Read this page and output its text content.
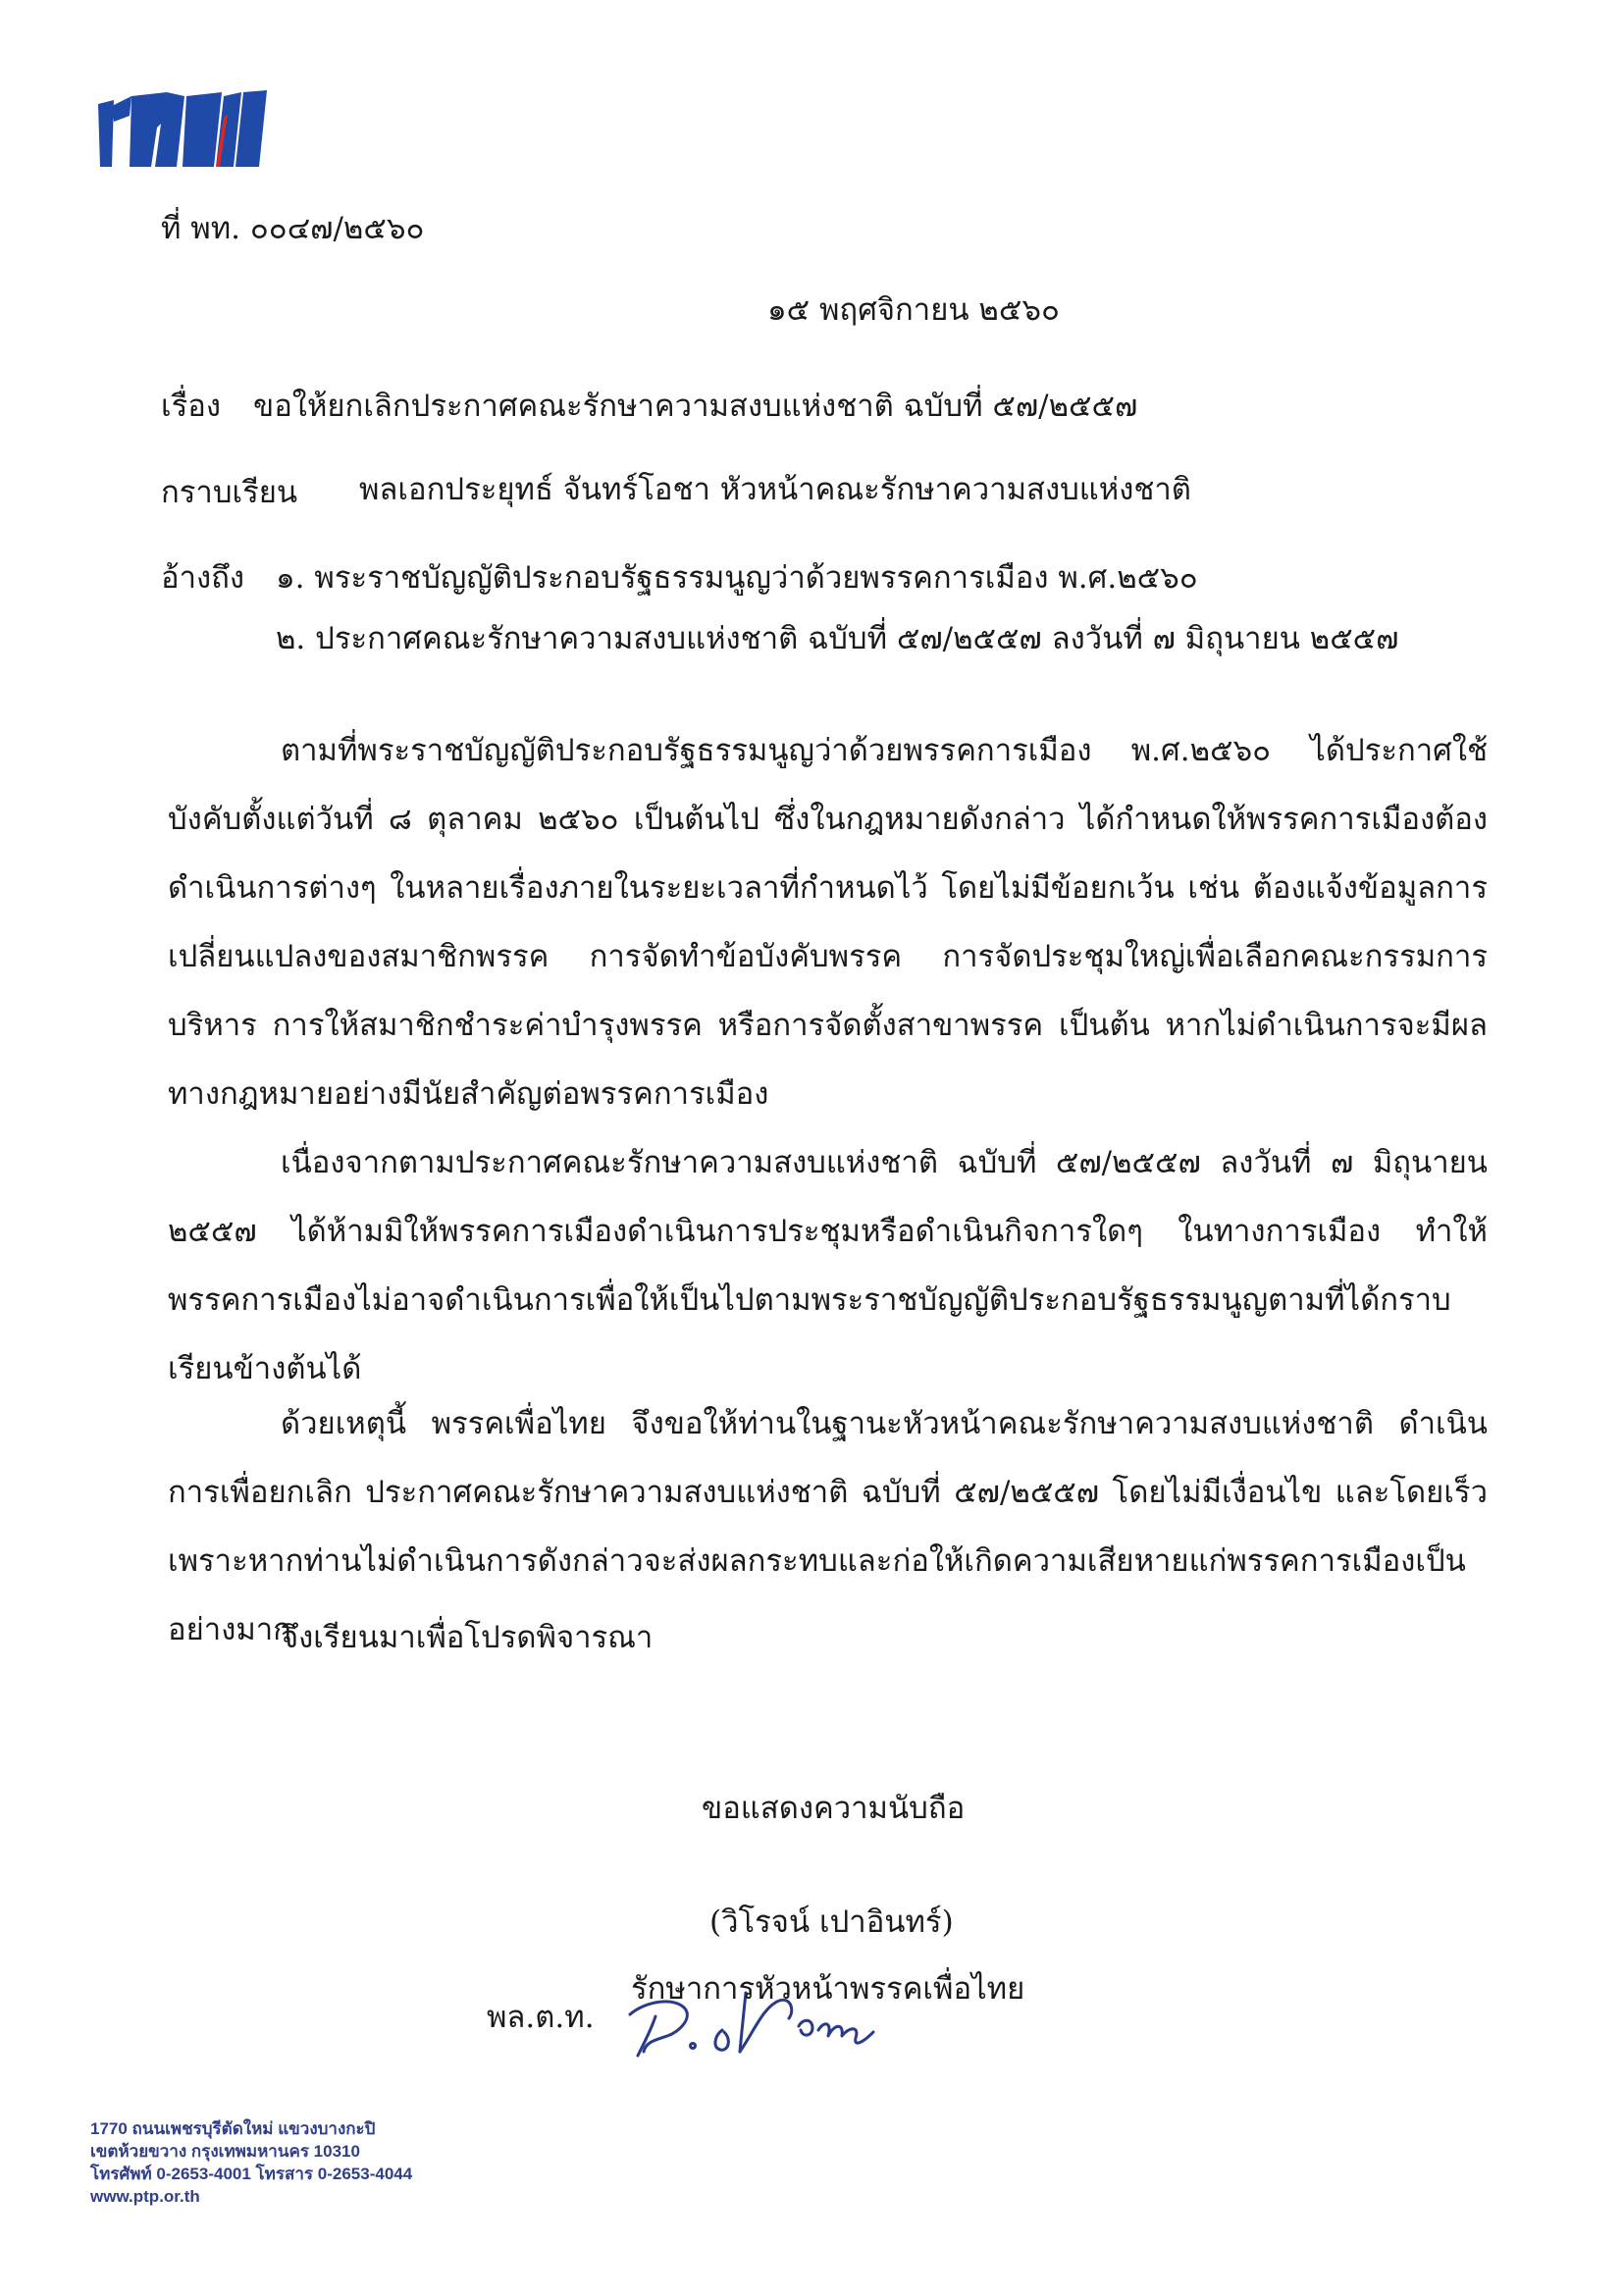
ที่ พท. ๐๐๔๗/๒๕๖๐
๑๕ พฤศจิกายน ๒๕๖๐
เรื่อง ขอให้ยกเลิกประกาศคณะรักษาความสงบแห่งชาติ ฉบับที่ ๕๗/๒๕๕๗
กราบเรียน พลเอกประยุทธ์ จันทร์โอชา หัวหน้าคณะรักษาความสงบแห่งชาติ
อ้างถึง ๑. พระราชบัญญัติประกอบรัฐธรรมนูญว่าด้วยพรรคการเมือง พ.ศ.๒๕๖๐
๒. ประกาศคณะรักษาความสงบแห่งชาติ ฉบับที่ ๕๗/๒๕๕๗ ลงวันที่ ๗ มิถุนายน ๒๕๕๗

ตามที่พระราชบัญญัติประกอบรัฐธรรมนูญว่าด้วยพรรคการเมือง พ.ศ.๒๕๖๐ ได้ประกาศใช้บังคับตั้งแต่วันที่ ๘ ตุลาคม ๒๕๖๐ เป็นต้นไป ซึ่งในกฎหมายดังกล่าว ได้กำหนดให้พรรคการเมืองต้องดำเนินการต่างๆ ในหลายเรื่องภายในระยะเวลาที่กำหนดไว้ โดยไม่มีข้อยกเว้น เช่น ต้องแจ้งข้อมูลการเปลี่ยนแปลงของสมาชิกพรรค การจัดทำข้อบังคับพรรค การจัดประชุมใหญ่เพื่อเลือกคณะกรรมการบริหาร การให้สมาชิกชำระค่าบำรุงพรรค หรือการจัดตั้งสาขาพรรค เป็นต้น หากไม่ดำเนินการจะมีผลทางกฎหมายอย่างมีนัยสำคัญต่อพรรคการเมือง

เนื่องจากตามประกาศคณะรักษาความสงบแห่งชาติ ฉบับที่ ๕๗/๒๕๕๗ ลงวันที่ ๗ มิถุนายน ๒๕๕๗ ได้ห้ามมิให้พรรคการเมืองดำเนินการประชุมหรือดำเนินกิจการใดๆ ในทางการเมือง ทำให้พรรคการเมืองไม่อาจดำเนินการเพื่อให้เป็นไปตามพระราชบัญญัติประกอบรัฐธรรมนูญตามที่ได้กราบเรียนข้างต้นได้

ด้วยเหตุนี้ พรรคเพื่อไทย จึงขอให้ท่านในฐานะหัวหน้าคณะรักษาความสงบแห่งชาติ ดำเนินการเพื่อยกเลิก ประกาศคณะรักษาความสงบแห่งชาติ ฉบับที่ ๕๗/๒๕๕๗ โดยไม่มีเงื่อนไข และโดยเร็ว เพราะหากท่านไม่ดำเนินการดังกล่าวจะส่งผลกระทบและก่อให้เกิดความเสียหายแก่พรรคการเมืองเป็นอย่างมาก

จึงเรียนมาเพื่อโปรดพิจารณา
ขอแสดงความนับถือ
พล.ต.ท.
(วิโรจน์ เปาอินทร์)
รักษาการหัวหน้าพรรคเพื่อไทย
1770 ถนนเพชรบุรีตัดใหม่ แขวงบางกะปิ
เขตห้วยขวาง กรุงเทพมหานคร 10310
โทรศัพท์ 0-2653-4001 โทรสาร 0-2653-4044
www.ptp.or.th
